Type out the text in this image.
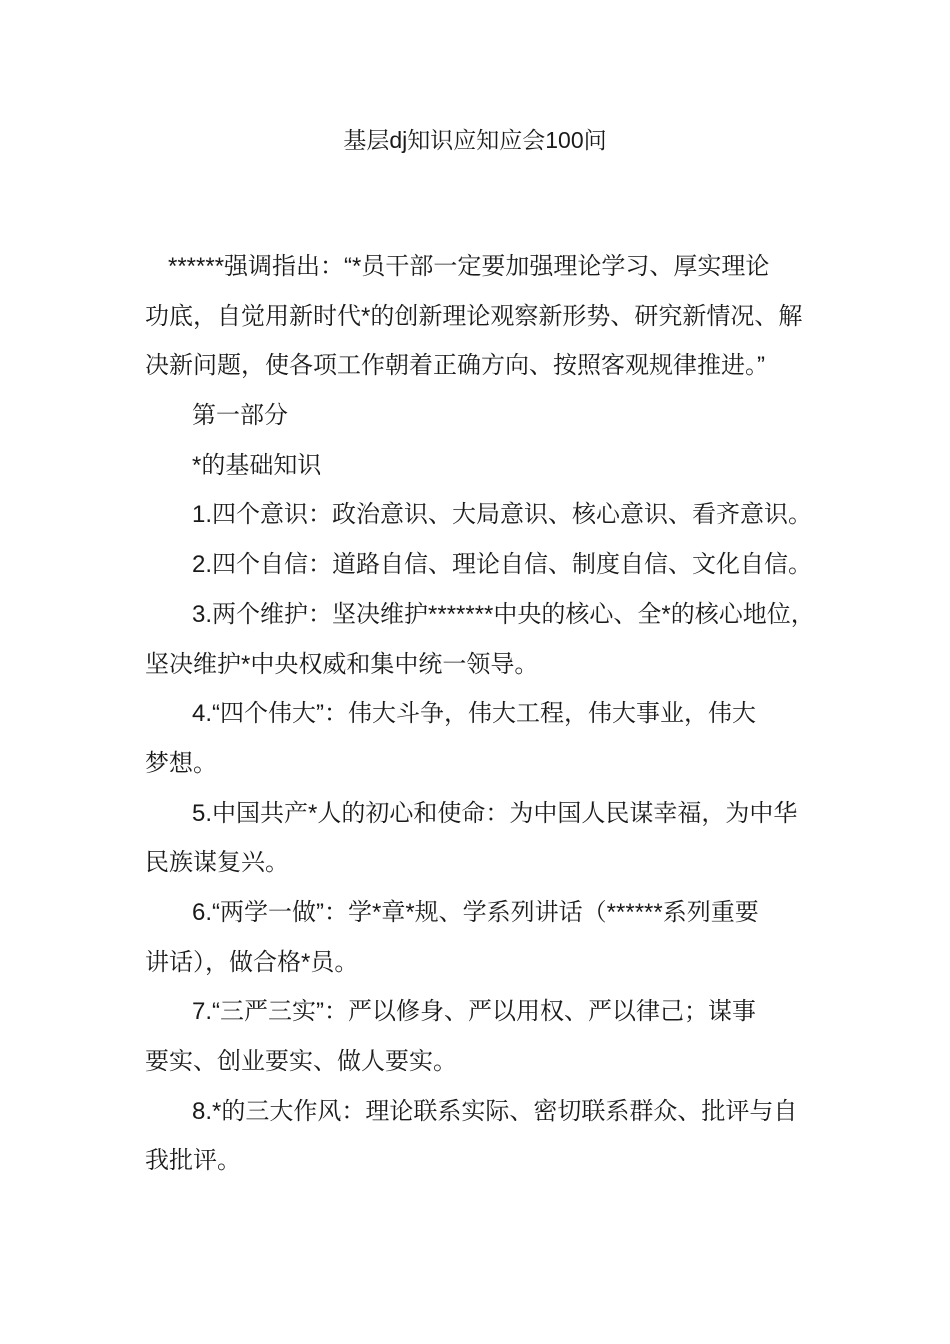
基层dj知识应知应会100问
******强调指出：“*员干部一定要加强理论学习、厚实理论
功底，自觉用新时代*的创新理论观察新形势、研究新情况、解
决新问题，使各项工作朝着正确方向、按照客观规律推进。”
第一部分
*的基础知识
1.四个意识：政治意识、大局意识、核心意识、看齐意识。
2.四个自信：道路自信、理论自信、制度自信、文化自信。
3.两个维护：坚决维护*******中央的核心、全*的核心地位，
坚决维护*中央权威和集中统一领导。
4.“四个伟大”：伟大斗争，伟大工程，伟大事业，伟大
梦想。
5.中国共产*人的初心和使命：为中国人民谋幸福，为中华
民族谋复兴。
6.“两学一做”：学*章*规、学系列讲话（******系列重要
讲话），做合格*员。
7.“三严三实”：严以修身、严以用权、严以律己；谋事
要实、创业要实、做人要实。
8.*的三大作风：理论联系实际、密切联系群众、批评与自
我批评。
